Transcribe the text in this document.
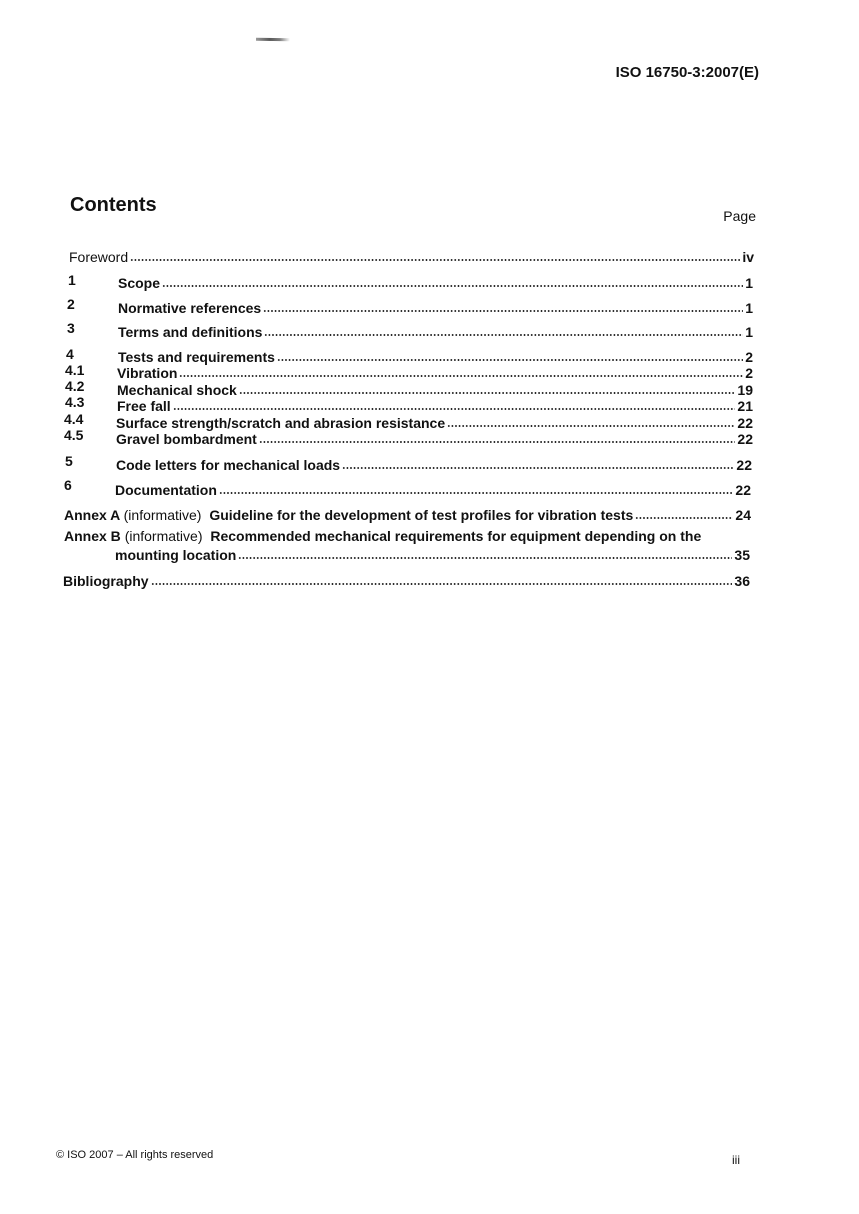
ISO 16750-3:2007(E)
Contents	Page
Foreword	iv
1	Scope	1
2	Normative references	1
3	Terms and definitions	1
4	Tests and requirements	2
4.1 Vibration	2
4.2 Mechanical shock	19
4.3 Free fall	21
4.4 Surface strength/scratch and abrasion resistance	22
4.5 Gravel bombardment	22
5	Code letters for mechanical loads	22
6	Documentation	22
Annex A (informative) Guideline for the development of test profiles for vibration tests	24
Annex B (informative) Recommended mechanical requirements for equipment depending on the
mounting location	35
Bibliography	36
© ISO 2007 – All rights reserved	iii
